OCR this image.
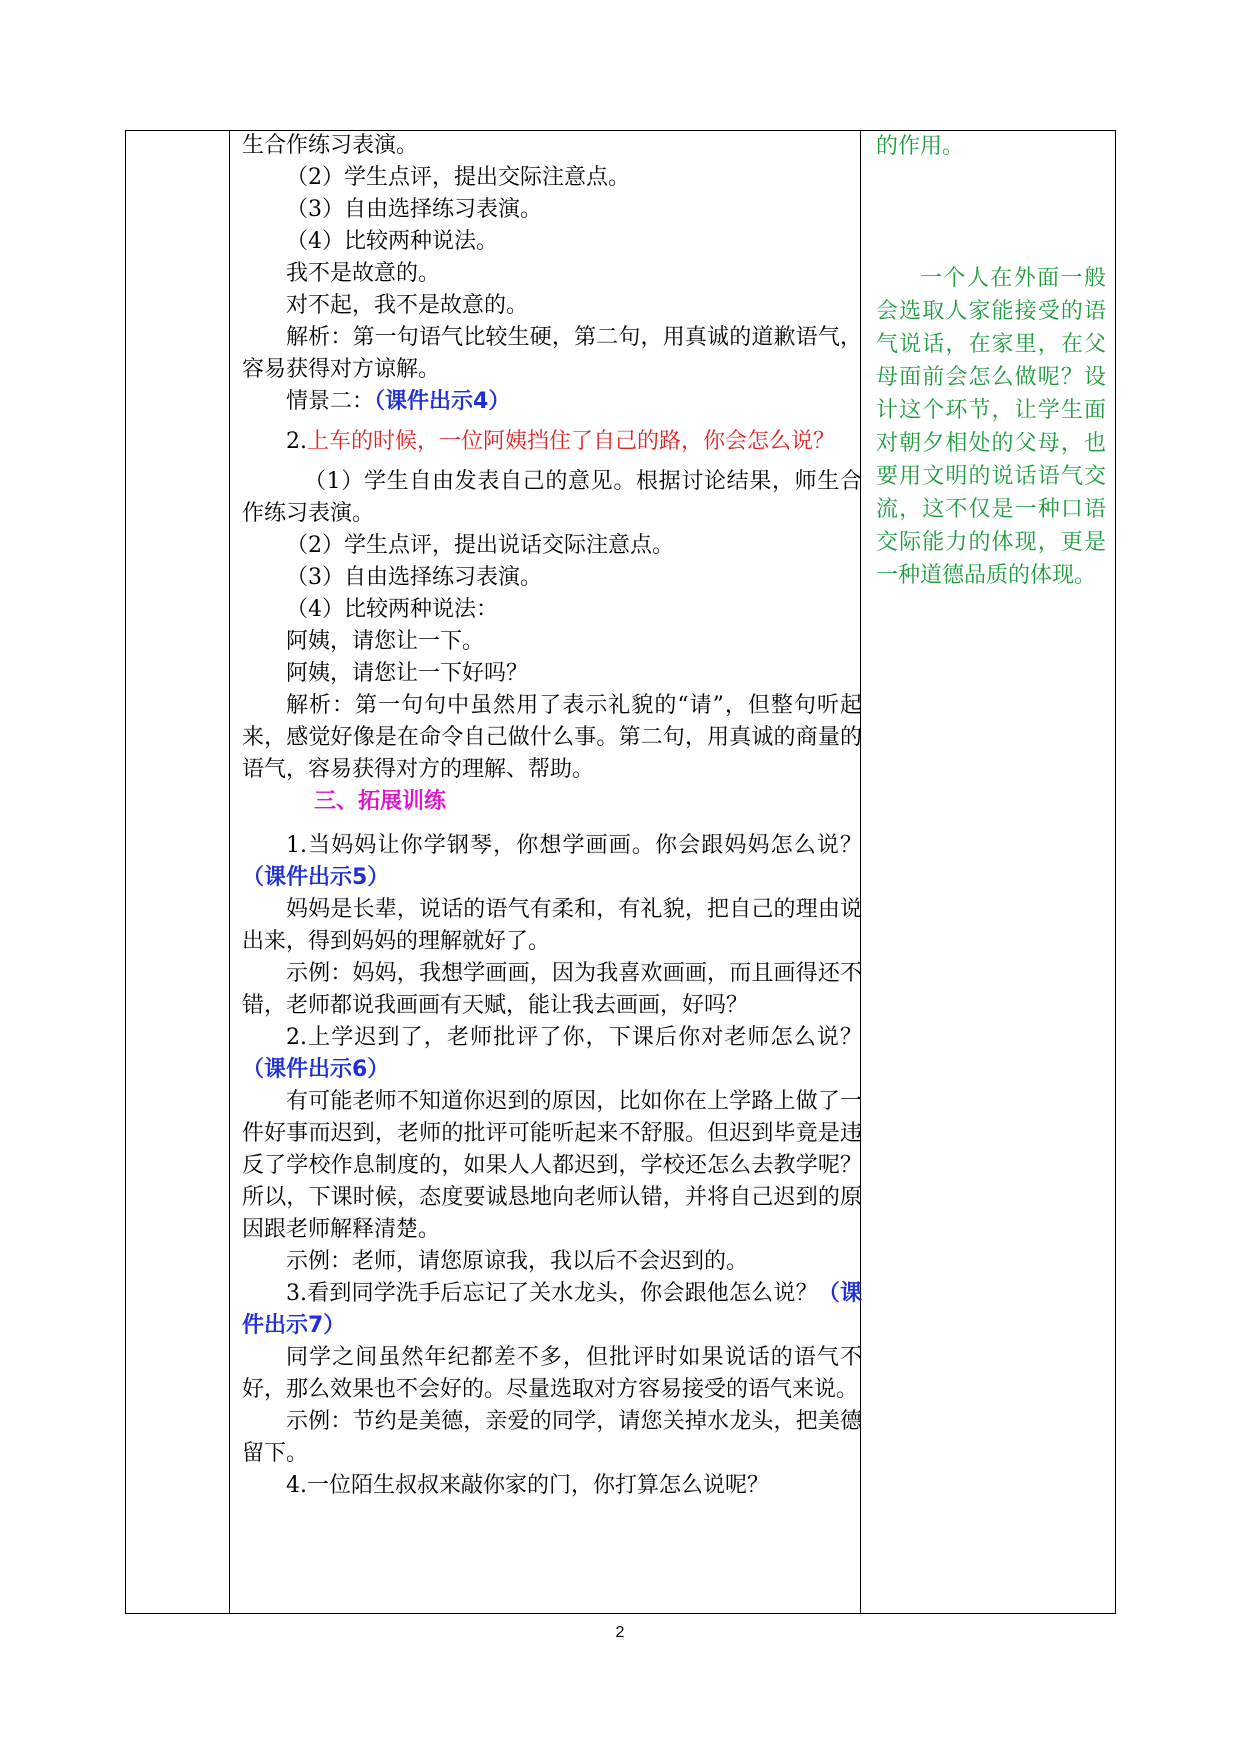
生合作练习表演。

（2）学生点评，提出交际注意点。

（3）自由选择练习表演。

（4）比较两种说法。

我不是故意的。

对不起，我不是故意的。

解析：第一句语气比较生硬，第二句，用真诚的道歉语气，容易获得对方谅解。

情景二：（课件出示4）

2.上车的时候，一位阿姨挡住了自己的路，你会怎么说？

（1）学生自由发表自己的意见。根据讨论结果，师生合作练习表演。

（2）学生点评，提出说话交际注意点。

（3）自由选择练习表演。

（4）比较两种说法：

阿姨，请您让一下。

阿姨，请您让一下好吗？

解析：第一句句中虽然用了表示礼貌的“请”，但整句听起来，感觉好像是在命令自己做什么事。第二句，用真诚的商量的语气，容易获得对方的理解、帮助。

三、拓展训练

1.当妈妈让你学钢琴，你想学画画。你会跟妈妈怎么说？（课件出示5）

妈妈是长辈，说话的语气有柔和，有礼貌，把自己的理由说出来，得到妈妈的理解就好了。

示例：妈妈，我想学画画，因为我喜欢画画，而且画得还不错，老师都说我画画有天赋，能让我去画画，好吗？

2.上学迟到了，老师批评了你，下课后你对老师怎么说？（课件出示6）

有可能老师不知道你迟到的原因，比如你在上学路上做了一件好事而迟到，老师的批评可能听起来不舒服。但迟到毕竟是违反了学校作息制度的，如果人人都迟到，学校还怎么去教学呢？所以，下课时候，态度要诚恳地向老师认错，并将自己迟到的原因跟老师解释清楚。

示例：老师，请您原谅我，我以后不会迟到的。

3.看到同学洗手后忘记了关水龙头，你会跟他怎么说？（课件出示7）

同学之间虽然年纪都差不多，但批评时如果说话的语气不好，那么效果也不会好的。尽量选取对方容易接受的语气来说。

示例：节约是美德，亲爱的同学，请您关掉水龙头，把美德留下。

4.一位陌生叔叔来敲你家的门，你打算怎么说呢？

的作用。

一个人在外面一般会选取人家能接受的语气说话，在家里，在父母面前会怎么做呢？设计这个环节，让学生面对朝夕相处的父母，也要用文明的说话语气交流，这不仅是一种口语交际能力的体现，更是一种道德品质的体现。

2
